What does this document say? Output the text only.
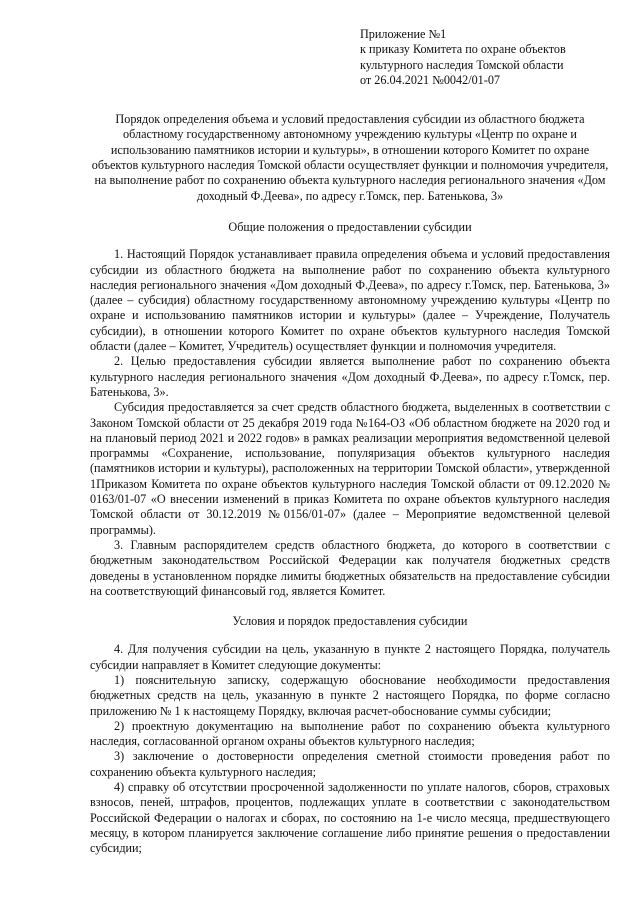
Приложение №1
к приказу Комитета по охране объектов
культурного наследия Томской области
от 26.04.2021 №0042/01-07
Порядок определения объема и условий предоставления субсидии из областного бюджета областному государственному автономному учреждению культуры «Центр по охране и использованию памятников истории и культуры», в отношении которого Комитет по охране объектов культурного наследия Томской области осуществляет функции и полномочия учредителя, на выполнение работ по сохранению объекта культурного наследия регионального значения «Дом доходный Ф.Деева», по адресу г.Томск, пер. Батенькова, 3»
Общие положения о предоставлении субсидии

1. Настоящий Порядок устанавливает правила определения объема и условий предоставления субсидии из областного бюджета на выполнение работ по сохранению объекта культурного наследия регионального значения «Дом доходный Ф.Деева», по адресу г.Томск, пер. Батенькова, 3» (далее – субсидия) областному государственному автономному учреждению культуры «Центр по охране и использованию памятников истории и культуры» (далее – Учреждение, Получатель субсидии), в отношении которого Комитет по охране объектов культурного наследия Томской области (далее – Комитет, Учредитель) осуществляет функции и полномочия учредителя.

2. Целью предоставления субсидии является выполнение работ по сохранению объекта культурного наследия регионального значения «Дом доходный Ф.Деева», по адресу г.Томск, пер. Батенькова, 3».

Субсидия предоставляется за счет средств областного бюджета, выделенных в соответствии с Законом Томской области от 25 декабря 2019 года №164-ОЗ «Об областном бюджете на 2020 год и на плановый период 2021 и 2022 годов» в рамках реализации мероприятия ведомственной целевой программы «Сохранение, использование, популяризация объектов культурного наследия (памятников истории и культуры), расположенных на территории Томской области», утвержденной 1Приказом Комитета по охране объектов культурного наследия Томской области от 09.12.2020 № 0163/01-07 «О внесении изменений в приказ Комитета по охране объектов культурного наследия Томской области от 30.12.2019 №0156/01-07» (далее – Мероприятие ведомственной целевой программы).

3. Главным распорядителем средств областного бюджета, до которого в соответствии с бюджетным законодательством Российской Федерации как получателя бюджетных средств доведены в установленном порядке лимиты бюджетных обязательств на предоставление субсидии на соответствующий финансовый год, является Комитет.

Условия и порядок предоставления субсидии

4. Для получения субсидии на цель, указанную в пункте 2 настоящего Порядка, получатель субсидии направляет в Комитет следующие документы:

1) пояснительную записку, содержащую обоснование необходимости предоставления бюджетных средств на цель, указанную в пункте 2 настоящего Порядка, по форме согласно приложению № 1 к настоящему Порядку, включая расчет-обоснование суммы субсидии;

2) проектную документацию на выполнение работ по сохранению объекта культурного наследия, согласованной органом охраны объектов культурного наследия;

3) заключение о достоверности определения сметной стоимости проведения работ по сохранению объекта культурного наследия;

4) справку об отсутствии просроченной задолженности по уплате налогов, сборов, страховых взносов, пеней, штрафов, процентов, подлежащих уплате в соответствии с законодательством Российской Федерации о налогах и сборах, по состоянию на 1-е число месяца, предшествующего месяцу, в котором планируется заключение соглашение либо принятие решения о предоставлении субсидии;
